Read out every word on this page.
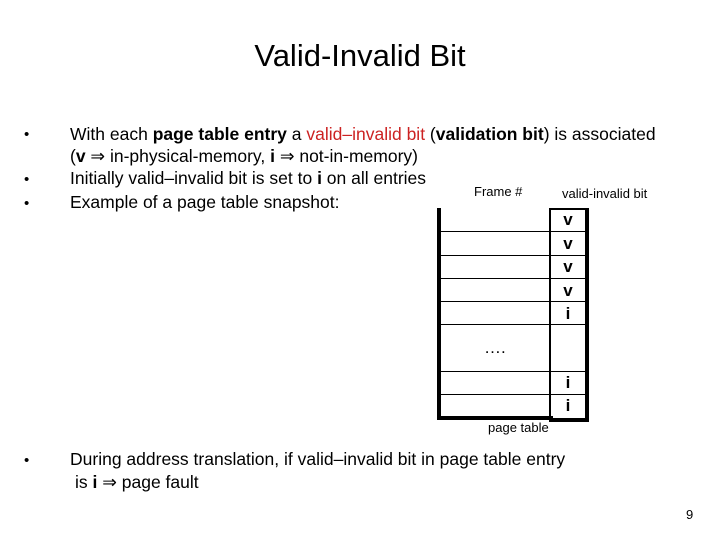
Valid-Invalid Bit
• With each page table entry a valid–invalid bit (validation bit) is associated
(v ⇒ in-physical-memory, i ⇒ not-in-memory)
• Initially valid–invalid bit is set to i on all entries
• Example of a page table snapshot:
Frame #	valid-invalid bit
v
v
v
v
i
….
i
i
page table
• During address translation, if valid–invalid bit in page table entry
is i ⇒ page fault
9
